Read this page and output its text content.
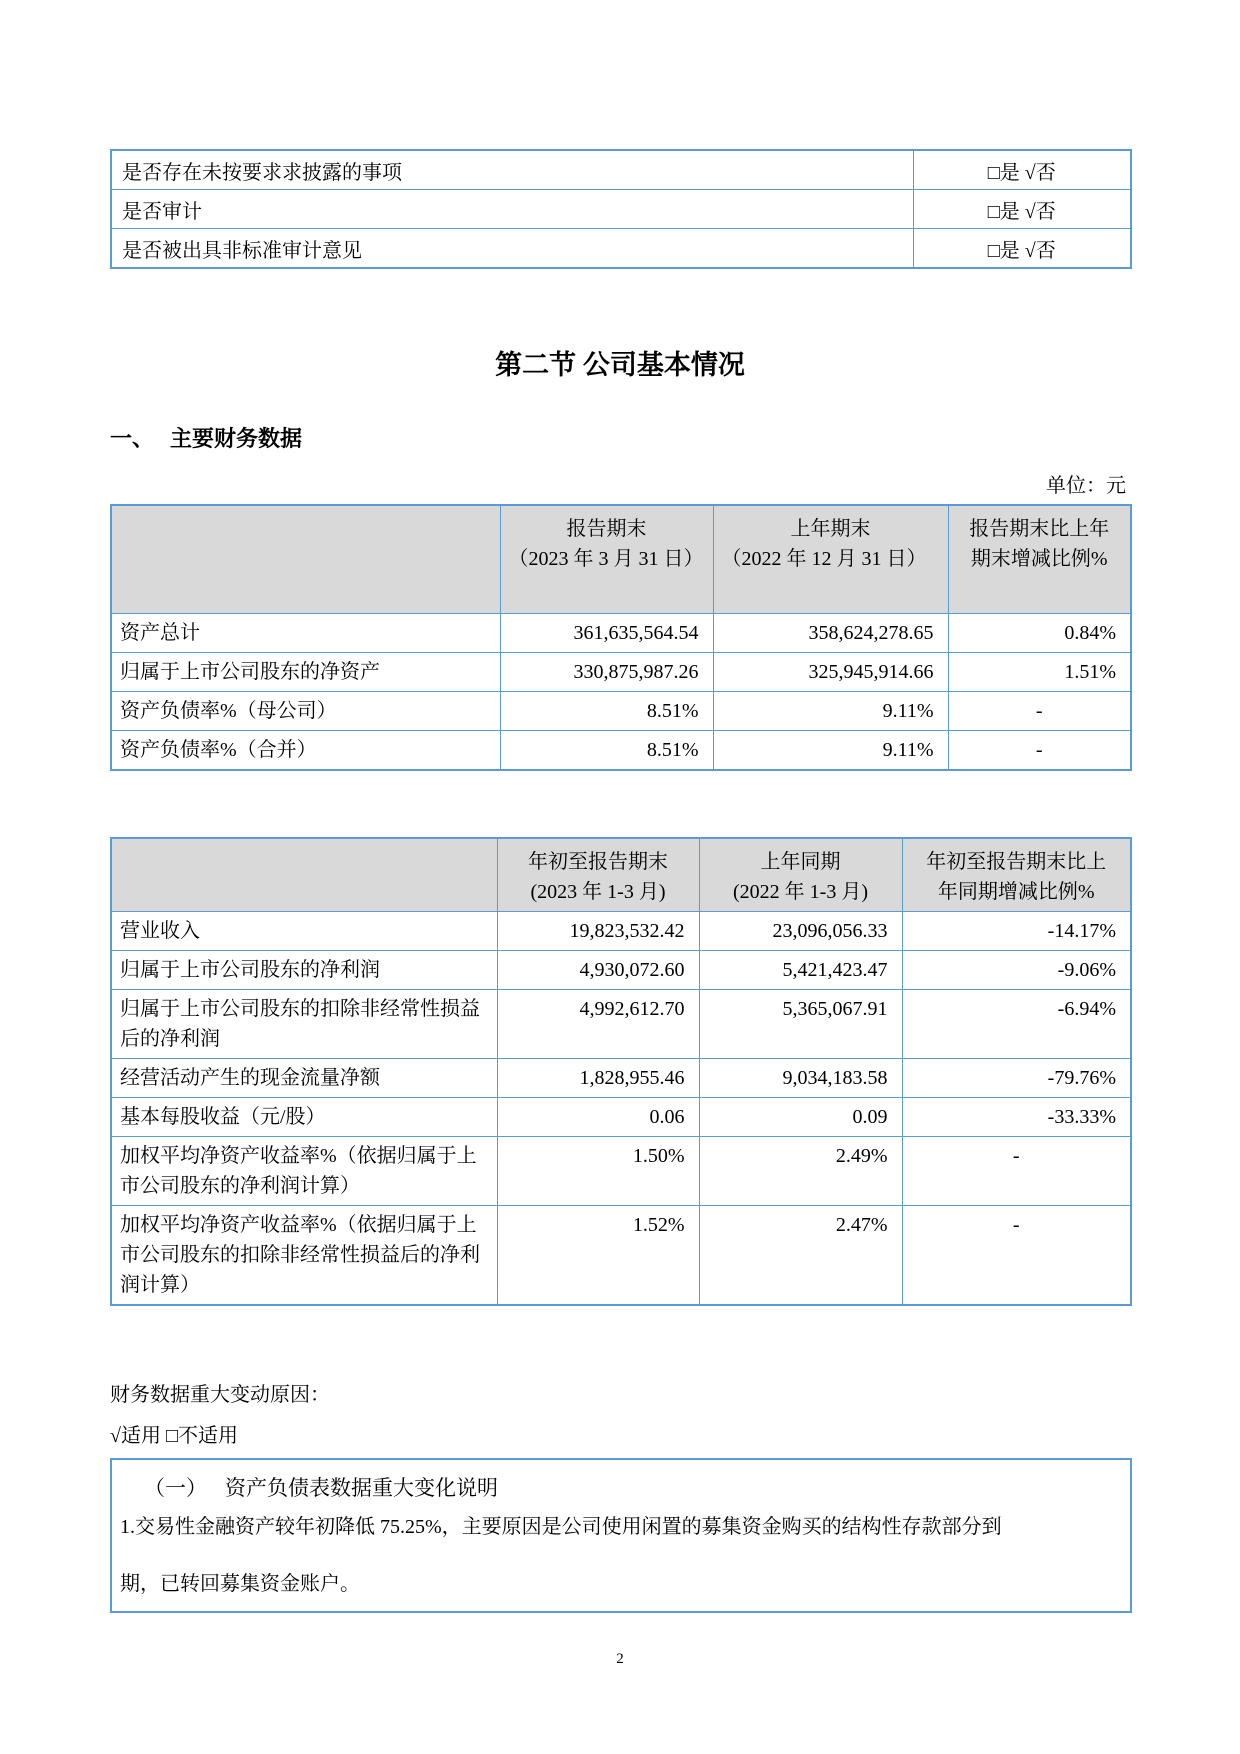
是否存在未按要求求披露的事项	□是 √否
是否审计	□是 √否
是否被出具非标准审计意见	□是 √否
第二节 公司基本情况
一、 主要财务数据
单位：元

报告期末
（2023 年 3 月 31 日）

上年期末
（2022 年 12 月 31 日）

报告期末比上年期末增减比例%

资产总计	361,635,564.54	358,624,278.65	0.84%
归属于上市公司股东的净资产	330,875,987.26	325,945,914.66	1.51%
资产负债率%（母公司）	8.51%	9.11%	-
资产负债率%（合并）	8.51%	9.11%	-

年初至报告期末
(2023 年 1-3 月)

上年同期
(2022 年 1-3 月)

年初至报告期末比上年同期增减比例%

营业收入	19,823,532.42	23,096,056.33	-14.17%
归属于上市公司股东的净利润	4,930,072.60	5,421,423.47	-9.06%
归属于上市公司股东的扣除非经常性损益后的净利润	4,992,612.70	5,365,067.91	-6.94%
经营活动产生的现金流量净额	1,828,955.46	9,034,183.58	-79.76%
基本每股收益（元/股）	0.06	0.09	-33.33%
加权平均净资产收益率%（依据归属于上市公司股东的净利润计算）	1.50%	2.49%	-
加权平均净资产收益率%（依据归属于上市公司股东的扣除非经常性损益后的净利润计算）	1.52%	2.47%	-
财务数据重大变动原因：
√适用 □不适用
（一） 资产负债表数据重大变化说明
1.交易性金融资产较年初降低 75.25%，主要原因是公司使用闲置的募集资金购买的结构性存款部分到
期，已转回募集资金账户。
2
